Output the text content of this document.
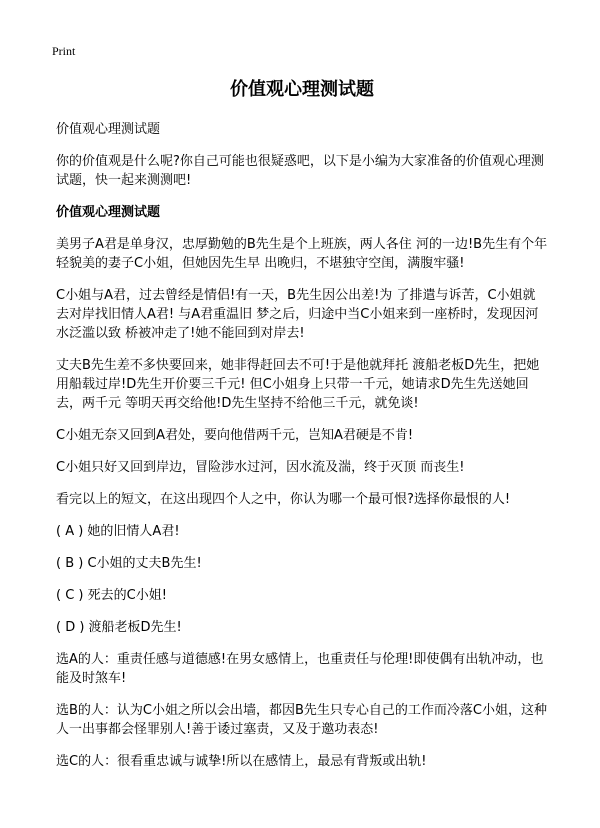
Print
价值观心理测试题
价值观心理测试题
你的价值观是什么呢?你自己可能也很疑惑吧，以下是小编为大家准备的价值观心理测试题，快一起来测测吧!
价值观心理测试题
美男子A君是单身汉，忠厚勤勉的B先生是个上班族，两人各住 河的一边!B先生有个年轻貌美的妻子C小姐，但她因先生早 出晚归，不堪独守空闺，满腹牢骚!
C小姐与A君，过去曾经是情侣!有一天，B先生因公出差!为 了排遣与诉苦，C小姐就去对岸找旧情人A君! 与A君重温旧 梦之后，归途中当C小姐来到一座桥时，发现因河水泛滥以致 桥被冲走了!她不能回到对岸去!
丈夫B先生差不多快要回来，她非得赶回去不可!于是他就拜托 渡船老板D先生，把她用船载过岸!D先生开价要三千元! 但C小姐身上只带一千元，她请求D先生先送她回去，两千元 等明天再交给他!D先生坚持不给他三千元，就免谈!
C小姐无奈又回到A君处，要向他借两千元，岂知A君硬是不肯!
C小姐只好又回到岸边，冒险涉水过河，因水流及湍，终于灭顶 而丧生!
看完以上的短文，在这出现四个人之中，你认为哪一个最可恨?选择你最恨的人!
( A ) 她的旧情人A君!
( B ) C小姐的丈夫B先生!
( C ) 死去的C小姐!
( D ) 渡船老板D先生!
选A的人：重责任感与道德感!在男女感情上，也重责任与伦理!即使偶有出轨冲动，也能及时煞车!
选B的人：认为C小姐之所以会出墙，都因B先生只专心自己的工作而冷落C小姐，这种人一出事都会怪罪别人!善于诿过塞责，又及于邀功表态!
选C的人：很看重忠诚与诚挚!所以在感情上，最忌有背叛或出轨!
